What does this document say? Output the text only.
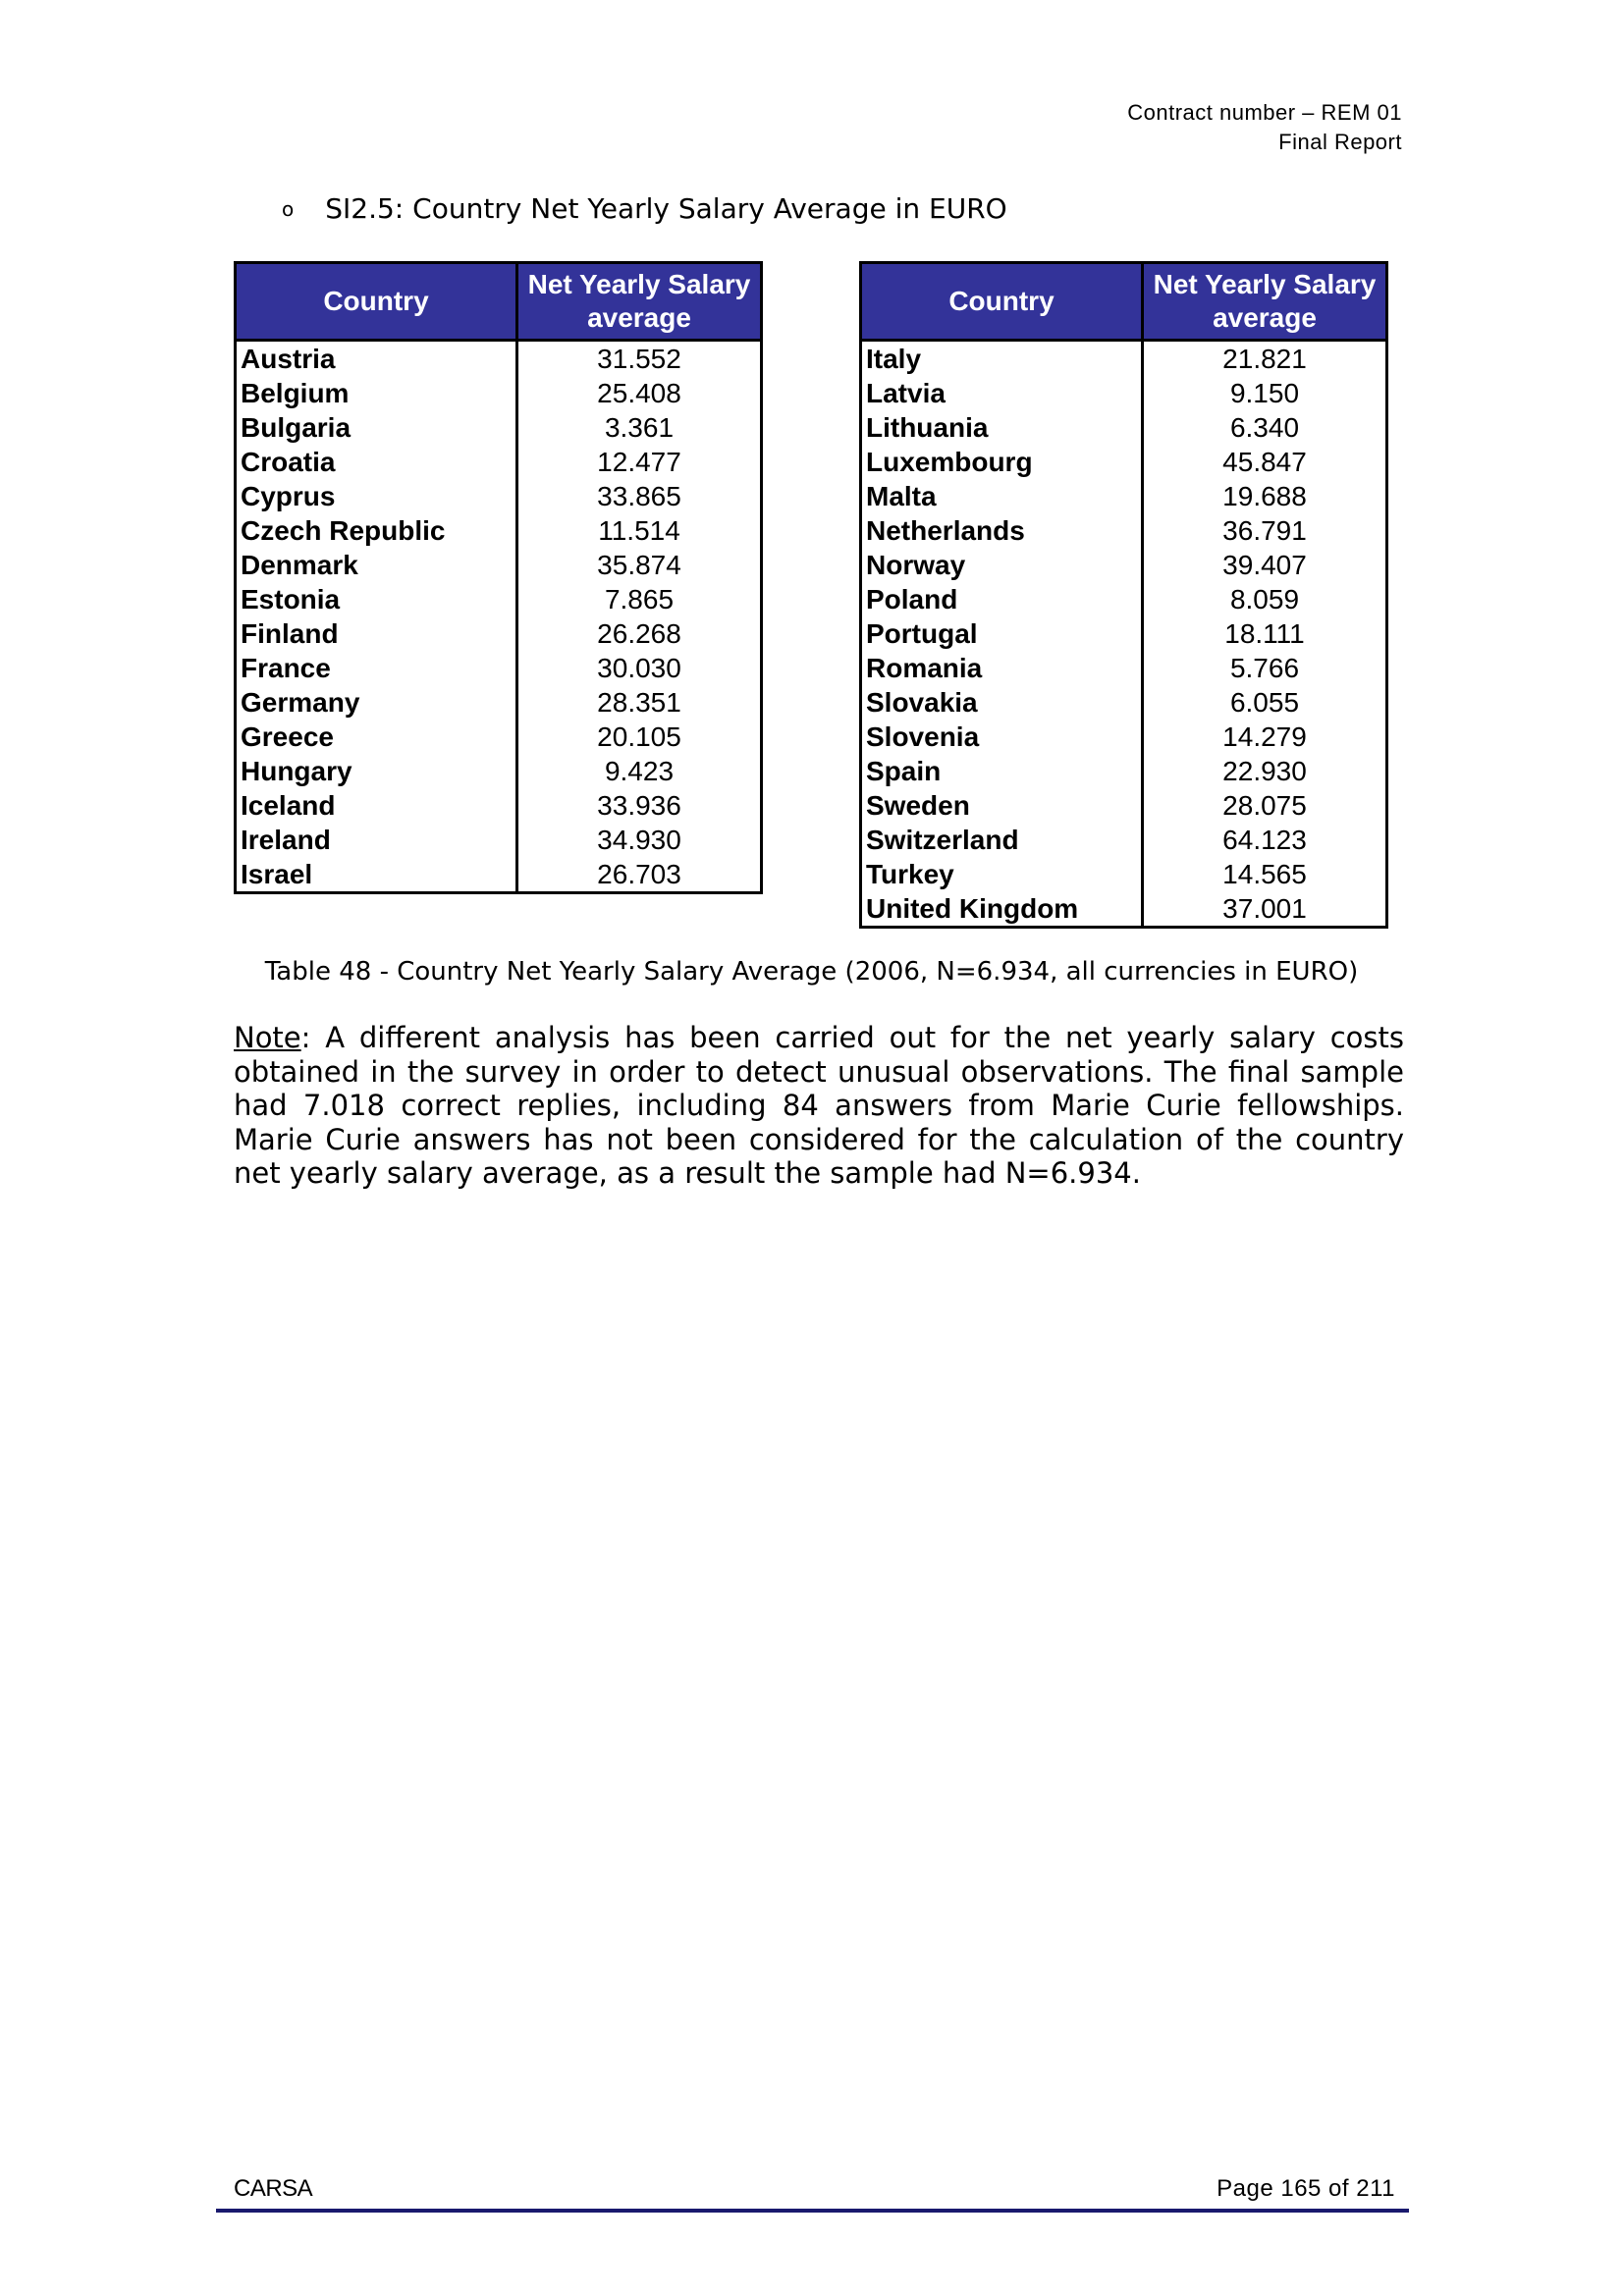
Contract number – REM 01
Final Report
o SI2.5: Country Net Yearly Salary Average in EURO
Country	Net Yearly Salary average
Austria	31.552
Belgium	25.408
Bulgaria	3.361
Croatia	12.477
Cyprus	33.865
Czech Republic	11.514
Denmark	35.874
Estonia	7.865
Finland	26.268
France	30.030
Germany	28.351
Greece	20.105
Hungary	9.423
Iceland	33.936
Ireland	34.930
Israel	26.703
Country	Net Yearly Salary average
Italy	21.821
Latvia	9.150
Lithuania	6.340
Luxembourg	45.847
Malta	19.688
Netherlands	36.791
Norway	39.407
Poland	8.059
Portugal	18.111
Romania	5.766
Slovakia	6.055
Slovenia	14.279
Spain	22.930
Sweden	28.075
Switzerland	64.123
Turkey	14.565
United Kingdom	37.001
Table 48 - Country Net Yearly Salary Average (2006, N=6.934, all currencies in EURO)
Note: A different analysis has been carried out for the net yearly salary costs obtained in the survey in order to detect unusual observations. The final sample had 7.018 correct replies, including 84 answers from Marie Curie fellowships. Marie Curie answers has not been considered for the calculation of the country net yearly salary average, as a result the sample had N=6.934.
CARSA	Page 165 of 211
